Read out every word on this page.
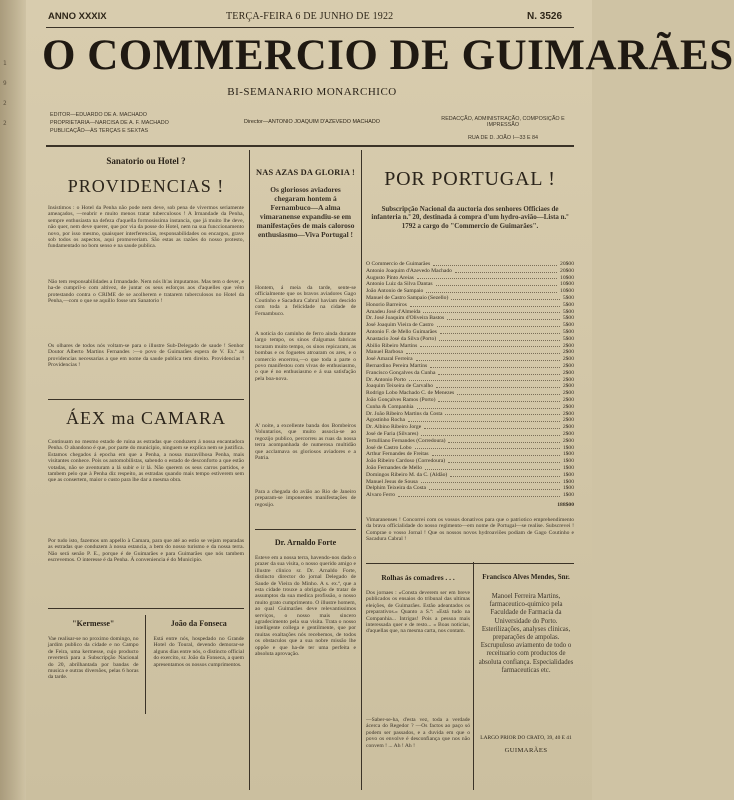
1
9
2
2
ANNO XXXIX	TERÇA-FEIRA 6 DE JUNHO DE 1922	N. 3526
O COMMERCIO DE GUIMARÃES
BI-SEMANARIO MONARCHICO
EDITOR—EDUARDO DE A. MACHADO
PROPRIETARIA—NARCISA DE A. F. MACHADO
PUBLICAÇÃO—ÀS TERÇAS E SEXTAS
Director—ANTONIO JOAQUIM D'AZEVEDO MACHADO	REDACÇÃO, ADMINISTRAÇÃO, COMPOSIÇÃO E IMPRESSÃO
RUA DE D. JOÃO I—33 E 84
Sanatorio ou Hotel ?
PROVIDENCIAS !

Insistimos : o Hotel da Penha não pode nem deve, sob pena de vivermos seriamente ameaçados, —reabrir e muito menos tratar tuberculosos ! A Irmandade da Penha, sempre enthusiasta na defeza d'aquella formosissima instancia, que já muito lhe deve, não quer, nem deve querer, que por via da posse do Hotel, nem na sua funccionamento novo, por isso mesmo, quaisquer interferencias, responsabilidades ou encargos, grave sob todos os aspectos, aqui promoveriam. São estas as razões do nosso protesto, fundamentado no bom senso e na saude publica.

Não tem responsabilidades a Irmandade. Nem nós lh'as imputamos. Mas tem o dever, e ha-de cumpril-o com altivez, de juntar os seus esforços aos d'aquelles que vêm protestando contra o CRIME de se acolherem e tratarem tuberculosos no Hotel da Penha,—com o que se aquillo fosse um Sanatorio !

Os olhares de todos nós voltam-se para o illustre Sub-Delegado de saude ! Senhor Doutor Alberto Martins Fernandes :—o povo de Guimarães espera de V. Ex.ª as providencias necessarias a que em nome da saude publica tem direito. Providencias ! Providencias !

ÁEX ma CAMARA

Continuam no mesmo estado de ruina as estradas que conduzem á nossa encantadora Penha. O abandono é que, por parte do municipio, ninguem se explica nem se justifica. Estamos chegados á epocha em que a Penha, a nossa maravilhosa Penha, mais visitantes conhece. Pois os automobilistas, sabendo o estado de desconforto a que estão votadas, não se aventuram a lá subir e ir lá. Não querem os seus carros partidos, e tambem pelo que à Penha diz respeito, as estradas quando mais tempo estiverem sem que as consertem, maior o custo para lhe dar a mesma obra.

Por tudo isto, fazemos um appello à Camara, para que até ao estio se vejam reparadas as estradas que conduzem à nossa estancia, a bem do nosso turismo e da nossa terra. Não será senão P. E., porque é de Guimarães e para Guimarães que nós tambem escrevemos. O interesse é da Penha. À conveniencia é do Municipio.

"Kermesse"

Vae realisar-se no proximo domingo, no jardim publico da cidade e no Campo de Feira, uma kermesse, cujo producto reverterá para a Subscripção Nacional do 20, abrilhantada por bandas de musica e outras diversões, pelas 6 horas da tarde.

João da Fonseca

Está entre nós, hospedado no Grande Hotel do Toural, devendo demorar-se alguns dias entre nós, o distincto official do exercito, sr. João da Fonseca, a quem apresentamos os nossos cumprimentos.

NAS AZAS DA GLORIA !

Os gloriosos aviadores chegaram hontem á Fernambuco—A alma vimaranense expandiu-se em manifestações de mais caloroso enthusiasmo—Viva Portugal !

Hontem, á meia da tarde, sente-se officialmente que os bravos aviadores Gago Coutinho e Sacadura Cabral haviam descido com toda a felicidade na cidade de Fernambuco.

A noticia do caminho de ferro ainda durante largo tempo, os sinos d'algumas fabricas tocaram muito tempo, os sinos repicaram, as bombas e os foguetes atroaram os ares, e o comercio encerrou,—o que toda a parte o povo manifestou com vivas de enthusiasmo, o que é no enthusiasmo e á sua satisfação pela boa-nova.

A' noite, a excellente banda dos Bombeiros Voluntarios, que muito associa-se ao regozijo publico, percorreu as ruas da nossa terra acompanhada de numerosa multidão que acclamava os gloriosos aviadores e a Patria.

Para a chegada do avião ao Rio de Janeiro preparam-se imponentes manifestações de regosijo.

Dr. Arnaldo Forte

Esteve em a nossa terra, havendo-nos dado o prazer da sua visita, o nosso querido amigo e illustre clinico sr. Dr. Arnaldo Forte, distincto director do jornal Delegado de Saude de Vieira do Minho. A s. ex.ª, que a esta cidade trouxe a obrigação de tratar de assumptos da sua medica profissão, o nosso muito grato cumprimento. O illustre homem, ao qual Guimarães deve relevantissimos serviços, o nosso mais sincero agradecimento pela sua visita. Trata o nosso intelligente collega e gentilmente, que por muitas exaltações nós recebemos, de todos os obstaculos que a sua nobre missão lhe oppõe e que ha-de ter uma perfeita e absoluta aprovação.

POR PORTUGAL !

Subscripção Nacional da auctoria dos senhores Officiaes de infanteria n.º 20, destinada á compra d'um hydro-avião—Lista n.º 1792 a cargo do "Commercio de Guimarães".

O Commercio de Guimarães	20$00
Antonio Joaquim d'Azevedo Machado	20$00
Augusto Pinto Areias	10$00
Antonio Luiz da Silva Dantas	10$00
João Antonio de Sampaio	10$00
Manuel de Castro Sampaio (Sezello)	5$00
Honorio Barreiros	5$00
Amadeu José d'Almeida	5$00
Dr. José Joaquim d'Oliveira Bastos	5$00
José Joaquim Vieira de Castro	5$00
Antonio F. de Mello Guimarães	5$00
Anastacio José da Silva (Porto)	5$00
Abilio Ribeiro Martins	2$00
Manuel Barbosa	2$00
José Amaral Ferreira	2$00
Bernardino Pereira Martins	2$00
Francisco Gonçalves da Cunha	2$00
Dr. Antonio Porto	2$00
Joaquim Teixeira de Carvalho	2$00
Rodrigo Lobo Machado C. de Menezes	2$00
João Gonçalves Ramos (Porto)	2$00
Cunha & Companhia	2$00
Dr. João Ribeiro Martins da Costa	2$00
Agostinho Rocha	2$00
Dr. Albino Ribeiro Jorge	2$00
José de Faria (Silvares)	2$00
Tertulliano Fernandes (Corredoura)	2$00
José de Castro Lobo	1$00
Arthur Fernandes de Freitas	1$00
João Ribeiro Cardoso (Corredoura)	1$00
João Fernandes de Mello	1$00
Domingos Ribeiro M. da C. (Aldão)	1$00
Manuel Jesus de Sousa	1$00
Delphim Teixeira da Costa	1$00
Alvaro Ferro	1$00
188$00

Vimaranenses ! Concorrei com os vossos donativos para que o patriotico emprehendimento da brava officialidade do nosso regimento—em nome de Portugal—se realise. Subscrevei ! Comprae o vosso Jornal ! Que os nossos novos hydroaviões podiam de Gago Coutinho e Sacadura Cabral !

Rolhas ás comadres . . .

Dos jornaes : «Consta deverem ser em breve publicados os ensaios do tribunal das ultimas eleições, de Guimarães. Estão adeantados os preparativos.» Quanto a S.ª: «Está tudo na Companhia... Intrigas! Pois a pessoa mais interessada quer e de resto... » Boas noticias, d'aquellas que, na mesma carta, nos contam.

—Saber-se-ha, d'esta vez, toda a verdade ácerca do Regedor ? —Os factos ao paço só podem ser passados, e a duvida em que o povo os envolve é desconfiança que nos não convem ! ... Ah ! Ah !

Francisco Alves Mendes, Snr.

Manoel Ferreira Martins, farmaceutico-quimico pela Faculdade de Farmacia da Universidade do Porto. Esterilizações, analyses clinicas, preparações de ampolas. Escrupuloso aviamento de todo o receituario com productos de absoluta confiança. Especialidades farmaceuticas etc.

LARGO PRIOR DO CRATO, 39, 40 E 41
GUIMARÃES
